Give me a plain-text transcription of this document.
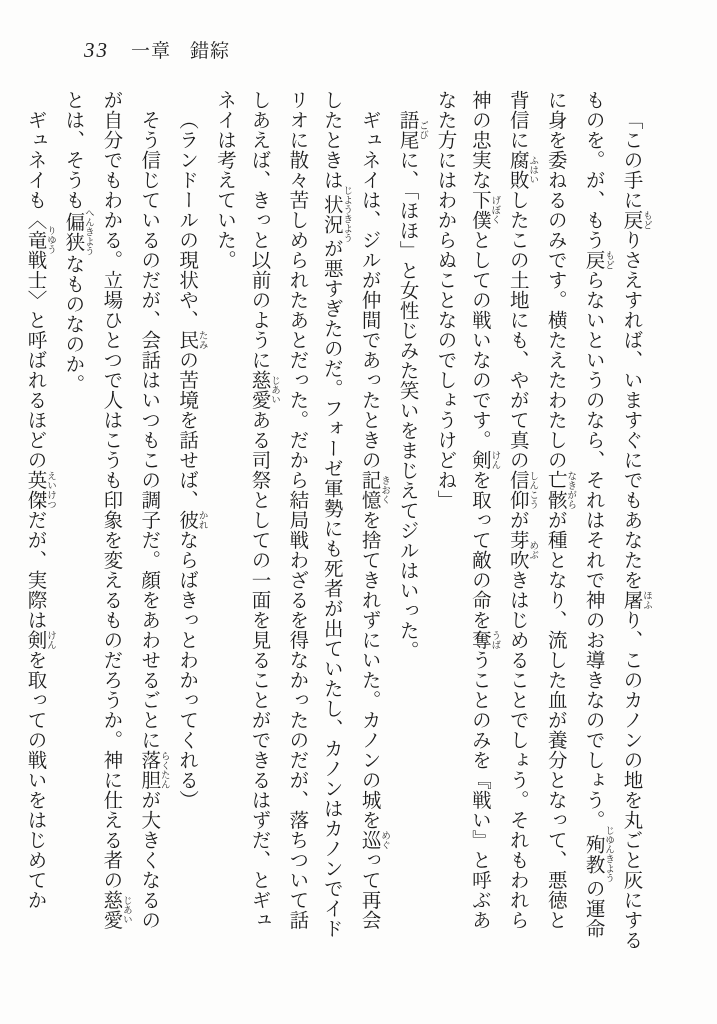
33 一章 錯綜
「この手に戻 もどりさえすれば、いますぐにでもあなたを屠 ほふり、このカノンの地を丸ごと灰にする
ものを。が、もう戻 もどらないというのなら、それはそれで神のお導きなのでしょう。殉教 じゆんきようの運命
に身を委ねるのみです。横たえたわたしの亡骸 なきがらが種となり、流した血が養分となって、悪徳と
背信に腐敗 ふはいしたこの土地にも、やがて真の信仰 しんこうが芽吹 めぶきはじめることでしょう。それもわれら
神の忠実な下僕 げぼくとしての戦いなのです。剣 けんを取って敵の命を奪 うばうことのみを『戦い』と呼ぶあ
なた方にはわからぬことなのでしょうけどね」
語尾 ごびに、「ほほ」と女性じみた笑いをまじえてジルはいった。
ギュネイは、ジルが仲間であったときの記憶 きおくを捨てきれずにいた。カノンの城を巡 めぐって再会
したときは状況 じようきようが悪すぎたのだ。フォーゼ軍勢にも死者が出ていたし、カノンはカノンでイド
リオに散々苦しめられたあとだった。だから結局戦わざるを得なかったのだが、落ちついて話
しあえば、きっと以前のように慈愛 じあいある司祭としての一面を見ることができるはずだ、とギュ
ネイは考えていた。
（ランドールの現状や、民 たみの苦境を話せば、彼 かれならばきっとわかってくれる）
そう信じているのだが、会話はいつもこの調子だ。顔をあわせるごとに落胆 らくたんが大きくなるの
が自分でもわかる。立場ひとつで人はこうも印象を変えるものだろうか。神に仕える者の慈愛 じあい
とは、そうも偏狭 へんきようなものなのか。
ギュネイも〈竜 りゆう戦士〉と呼ばれるほどの英傑 えいけつだが、実際は剣 けんを取っての戦いをはじめてか
